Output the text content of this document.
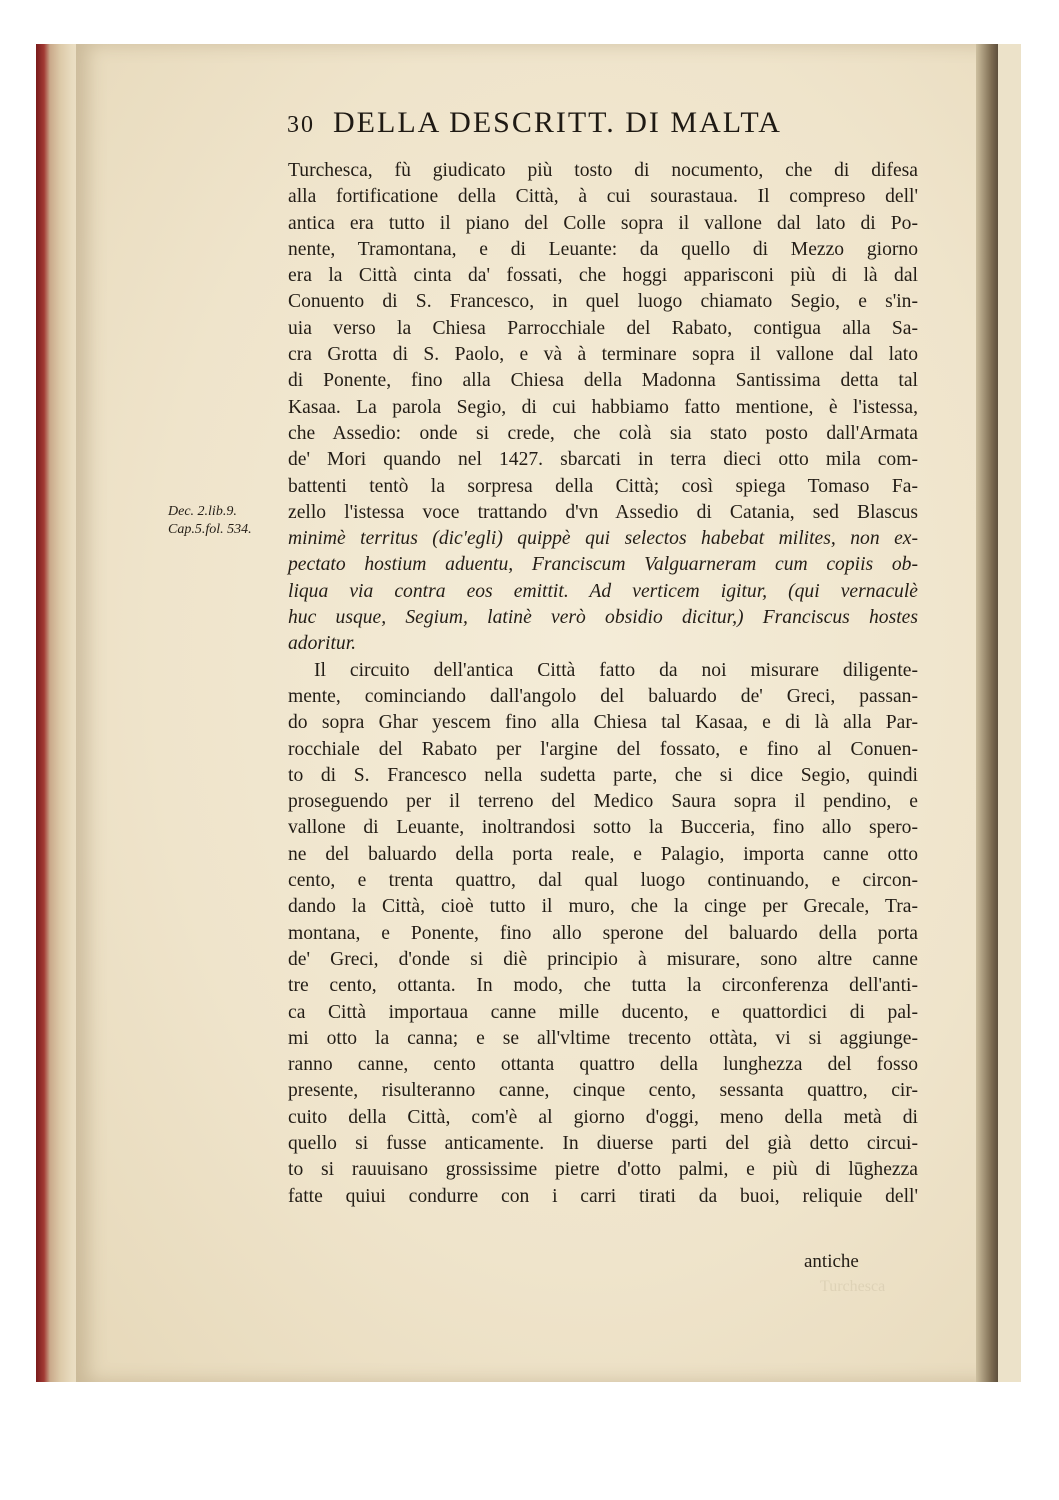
30 DELLA DESCRITT. DI MALTA
Dec. 2.lib.9.
Cap.5.fol. 534.
Turchesca, fù giudicato più tosto di nocumento, che di difesa
alla fortificatione della Città, à cui sourastaua. Il compreso dell'
antica era tutto il piano del Colle sopra il vallone dal lato di Po-
nente, Tramontana, e di Leuante: da quello di Mezzo giorno
era la Città cinta da' fossati, che hoggi apparisconi più di là dal
Conuento di S. Francesco, in quel luogo chiamato Segio, e s'in-
uia verso la Chiesa Parrocchiale del Rabato, contigua alla Sa-
cra Grotta di S. Paolo, e và à terminare sopra il vallone dal lato
di Ponente, fino alla Chiesa della Madonna Santissima detta tal
Kasaa. La parola Segio, di cui habbiamo fatto mentione, è l'istessa,
che Assedio: onde si crede, che colà sia stato posto dall'Armata
de' Mori quando nel 1427. sbarcati in terra dieci otto mila com-
battenti tentò la sorpresa della Città; così spiega Tomaso Fa-
zello l'istessa voce trattando d'vn Assedio di Catania, sed Blascus
minimè territus (dic'egli) quippè qui selectos habebat milites, non ex-
pectato hostium aduentu, Franciscum Valguarneram cum copiis ob-
liqua via contra eos emittit. Ad verticem igitur, (qui vernaculè
huc usque, Segium, latinè verò obsidio dicitur,) Franciscus hostes
adoritur.
Il circuito dell'antica Città fatto da noi misurare diligente-
mente, cominciando dall'angolo del baluardo de' Greci, passan-
do sopra Ghar yescem fino alla Chiesa tal Kasaa, e di là alla Par-
rocchiale del Rabato per l'argine del fossato, e fino al Conuen-
to di S. Francesco nella sudetta parte, che si dice Segio, quindi
proseguendo per il terreno del Medico Saura sopra il pendino, e
vallone di Leuante, inoltrandosi sotto la Bucceria, fino allo spero-
ne del baluardo della porta reale, e Palagio, importa canne otto
cento, e trenta quattro, dal qual luogo continuando, e circon-
dando la Città, cioè tutto il muro, che la cinge per Grecale, Tra-
montana, e Ponente, fino allo sperone del baluardo della porta
de' Greci, d'onde si diè principio à misurare, sono altre canne
tre cento, ottanta. In modo, che tutta la circonferenza dell'anti-
ca Città importaua canne mille ducento, e quattordici di pal-
mi otto la canna; e se all'vltime trecento ottàta, vi si aggiunge-
ranno canne, cento ottanta quattro della lunghezza del fosso
presente, risulteranno canne, cinque cento, sessanta quattro, cir-
cuito della Città, com'è al giorno d'oggi, meno della metà di
quello si fusse anticamente. In diuerse parti del già detto circui-
to si rauuisano grossissime pietre d'otto palmi, e più di lūghezza
fatte quiui condurre con i carri tirati da buoi, reliquie dell'
antiche
Turchesca
